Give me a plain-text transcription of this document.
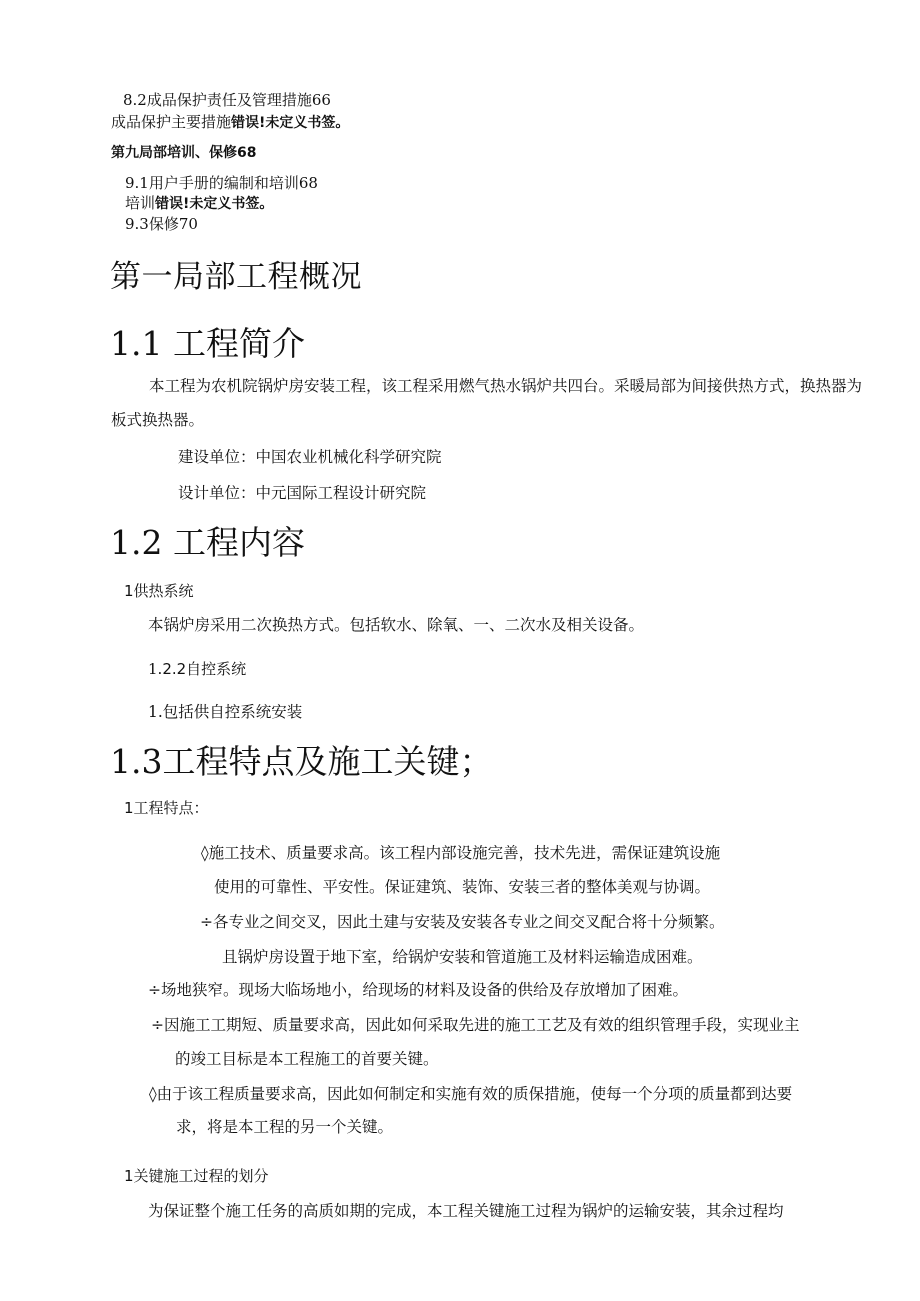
8.2成品保护责任及管理措施66
成品保护主要措施错误!未定义书签。
第九局部培训、保修68
9.1用户手册的编制和培训68
培训错误!未定义书签。
9.3保修70
第一局部工程概况
1.1 工程简介
本工程为农机院锅炉房安装工程，该工程采用燃气热水锅炉共四台。采暖局部为间接供热方式，换热器为板式换热器。
建设单位：中国农业机械化科学研究院
设计单位：中元国际工程设计研究院
1.2 工程内容
1供热系统
本锅炉房采用二次换热方式。包括软水、除氧、一、二次水及相关设备。
1.2.2自控系统
1.包括供自控系统安装
1.3工程特点及施工关键；
1工程特点：
◊施工技术、质量要求高。该工程内部设施完善，技术先进，需保证建筑设施
使用的可靠性、平安性。保证建筑、装饰、安装三者的整体美观与协调。
÷各专业之间交叉，因此土建与安装及安装各专业之间交叉配合将十分频繁。
且锅炉房设置于地下室，给锅炉安装和管道施工及材料运输造成困难。
÷场地狭窄。现场大临场地小，给现场的材料及设备的供给及存放增加了困难。
÷因施工工期短、质量要求高，因此如何采取先进的施工工艺及有效的组织管理手段，实现业主
的竣工目标是本工程施工的首要关键。
◊由于该工程质量要求高，因此如何制定和实施有效的质保措施，使每一个分项的质量都到达要
求，将是本工程的另一个关键。
1关键施工过程的划分
为保证整个施工任务的高质如期的完成，本工程关键施工过程为锅炉的运输安装，其余过程均
